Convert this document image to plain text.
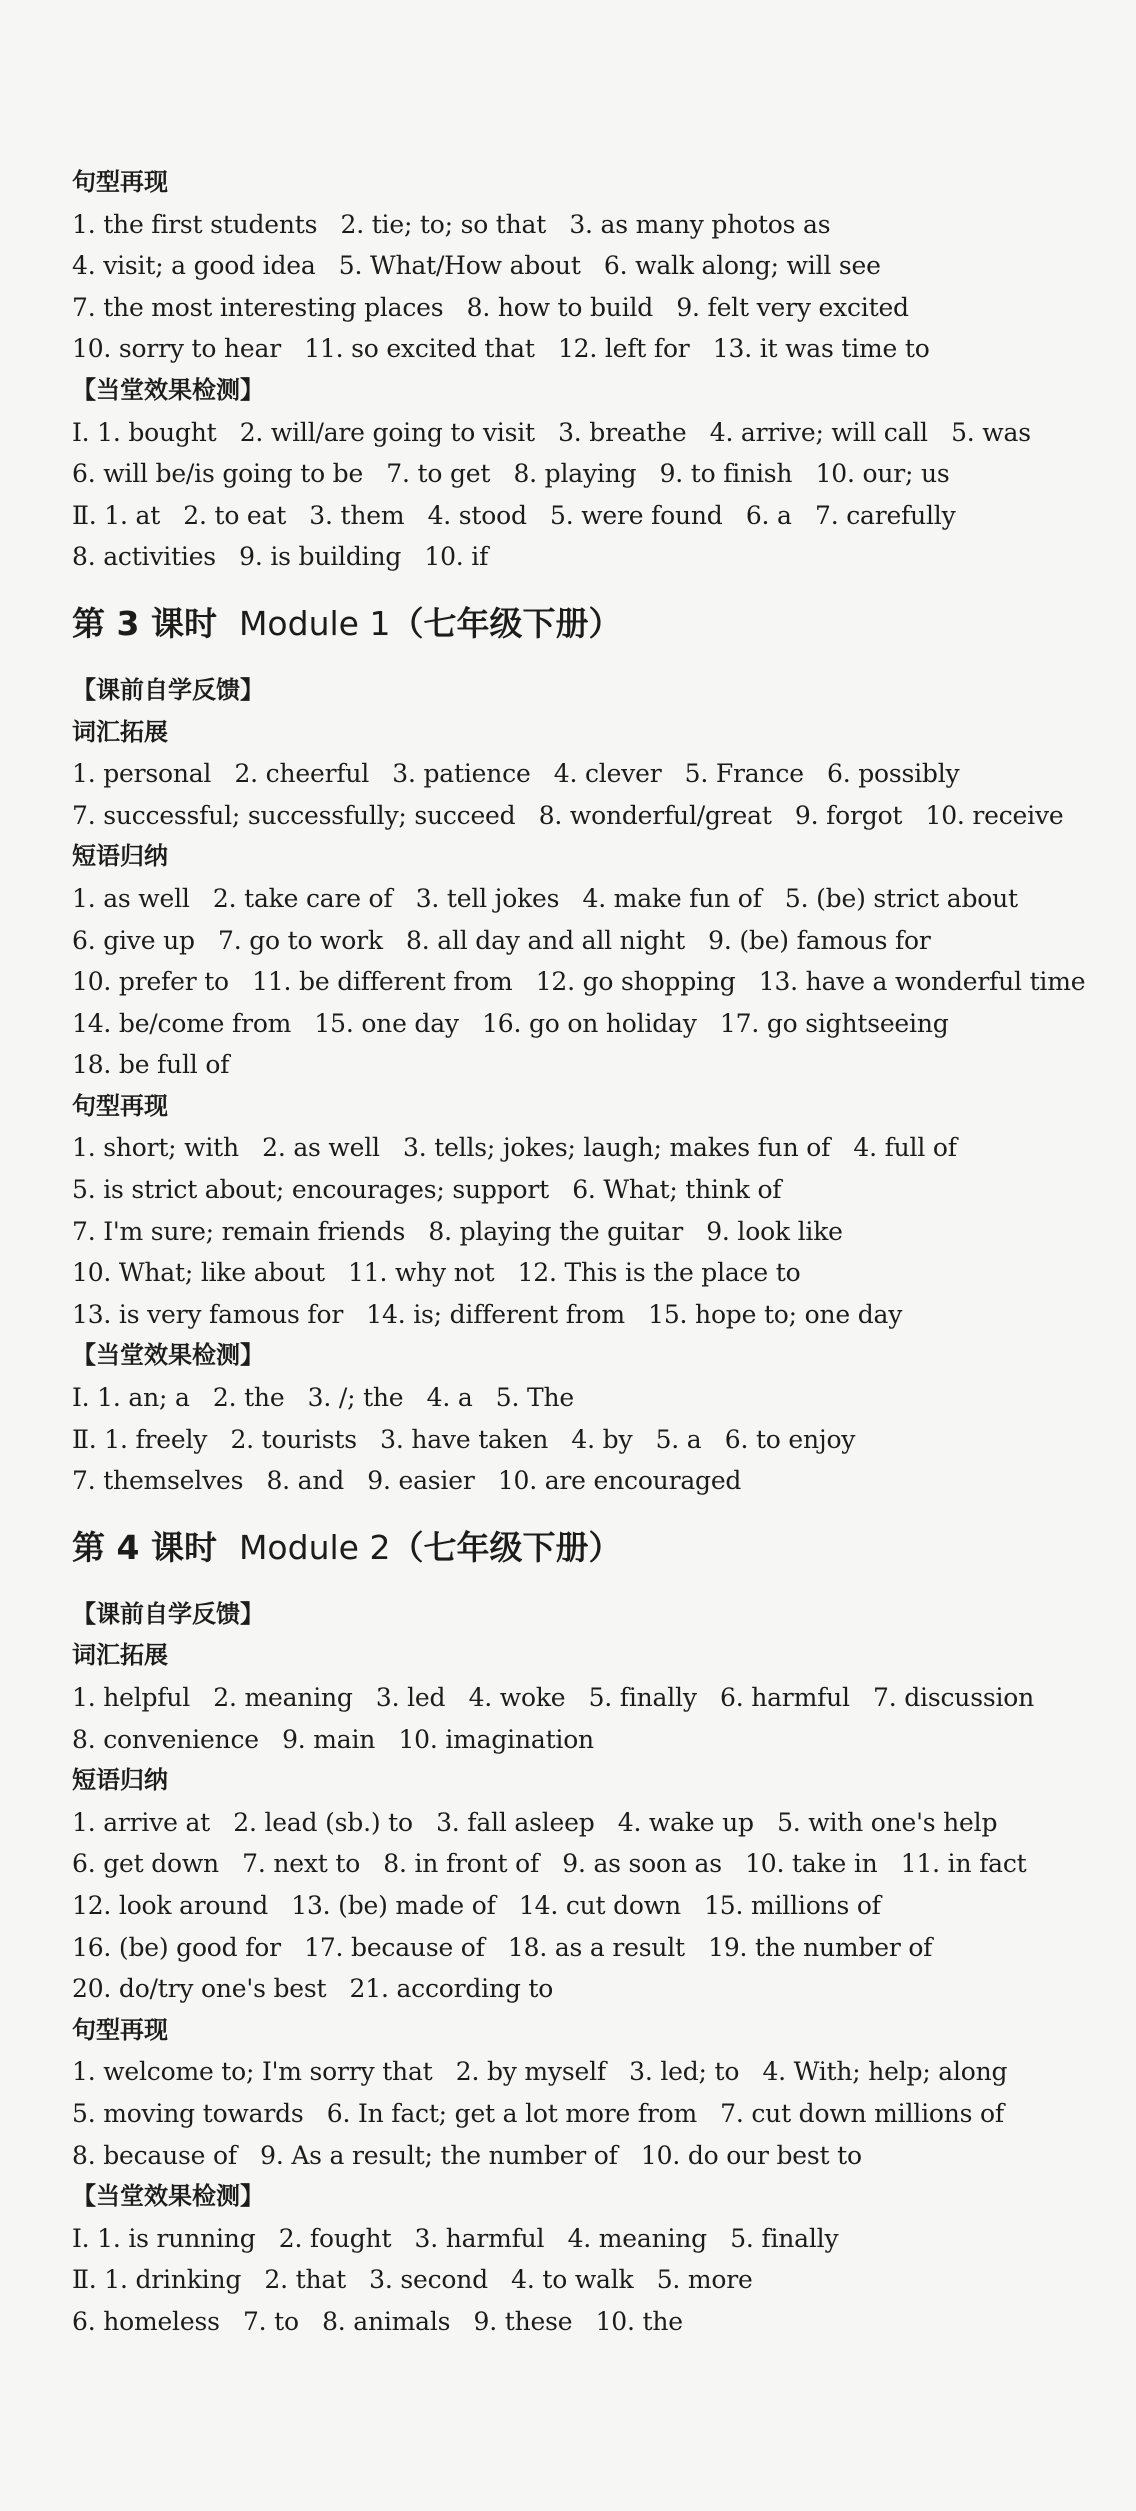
句型再现
1. the first students   2. tie; to; so that   3. as many photos as
4. visit; a good idea   5. What/How about   6. walk along; will see
7. the most interesting places   8. how to build   9. felt very excited
10. sorry to hear   11. so excited that   12. left for   13. it was time to
【当堂效果检测】
Ⅰ. 1. bought   2. will/are going to visit   3. breathe   4. arrive; will call   5. was
6. will be/is going to be   7. to get   8. playing   9. to finish   10. our; us
Ⅱ. 1. at   2. to eat   3. them   4. stood   5. were found   6. a   7. carefully
8. activities   9. is building   10. if
第 3 课时 Module 1（七年级下册）
【课前自学反馈】
词汇拓展
1. personal   2. cheerful   3. patience   4. clever   5. France   6. possibly
7. successful; successfully; succeed   8. wonderful/great   9. forgot   10. receive
短语归纳
1. as well   2. take care of   3. tell jokes   4. make fun of   5. (be) strict about
6. give up   7. go to work   8. all day and all night   9. (be) famous for
10. prefer to   11. be different from   12. go shopping   13. have a wonderful time
14. be/come from   15. one day   16. go on holiday   17. go sightseeing
18. be full of
句型再现
1. short; with   2. as well   3. tells; jokes; laugh; makes fun of   4. full of
5. is strict about; encourages; support   6. What; think of
7. I'm sure; remain friends   8. playing the guitar   9. look like
10. What; like about   11. why not   12. This is the place to
13. is very famous for   14. is; different from   15. hope to; one day
【当堂效果检测】
Ⅰ. 1. an; a   2. the   3. /; the   4. a   5. The
Ⅱ. 1. freely   2. tourists   3. have taken   4. by   5. a   6. to enjoy
7. themselves   8. and   9. easier   10. are encouraged
第 4 课时 Module 2（七年级下册）
【课前自学反馈】
词汇拓展
1. helpful   2. meaning   3. led   4. woke   5. finally   6. harmful   7. discussion
8. convenience   9. main   10. imagination
短语归纳
1. arrive at   2. lead (sb.) to   3. fall asleep   4. wake up   5. with one's help
6. get down   7. next to   8. in front of   9. as soon as   10. take in   11. in fact
12. look around   13. (be) made of   14. cut down   15. millions of
16. (be) good for   17. because of   18. as a result   19. the number of
20. do/try one's best   21. according to
句型再现
1. welcome to; I'm sorry that   2. by myself   3. led; to   4. With; help; along
5. moving towards   6. In fact; get a lot more from   7. cut down millions of
8. because of   9. As a result; the number of   10. do our best to
【当堂效果检测】
Ⅰ. 1. is running   2. fought   3. harmful   4. meaning   5. finally
Ⅱ. 1. drinking   2. that   3. second   4. to walk   5. more
6. homeless   7. to   8. animals   9. these   10. the
